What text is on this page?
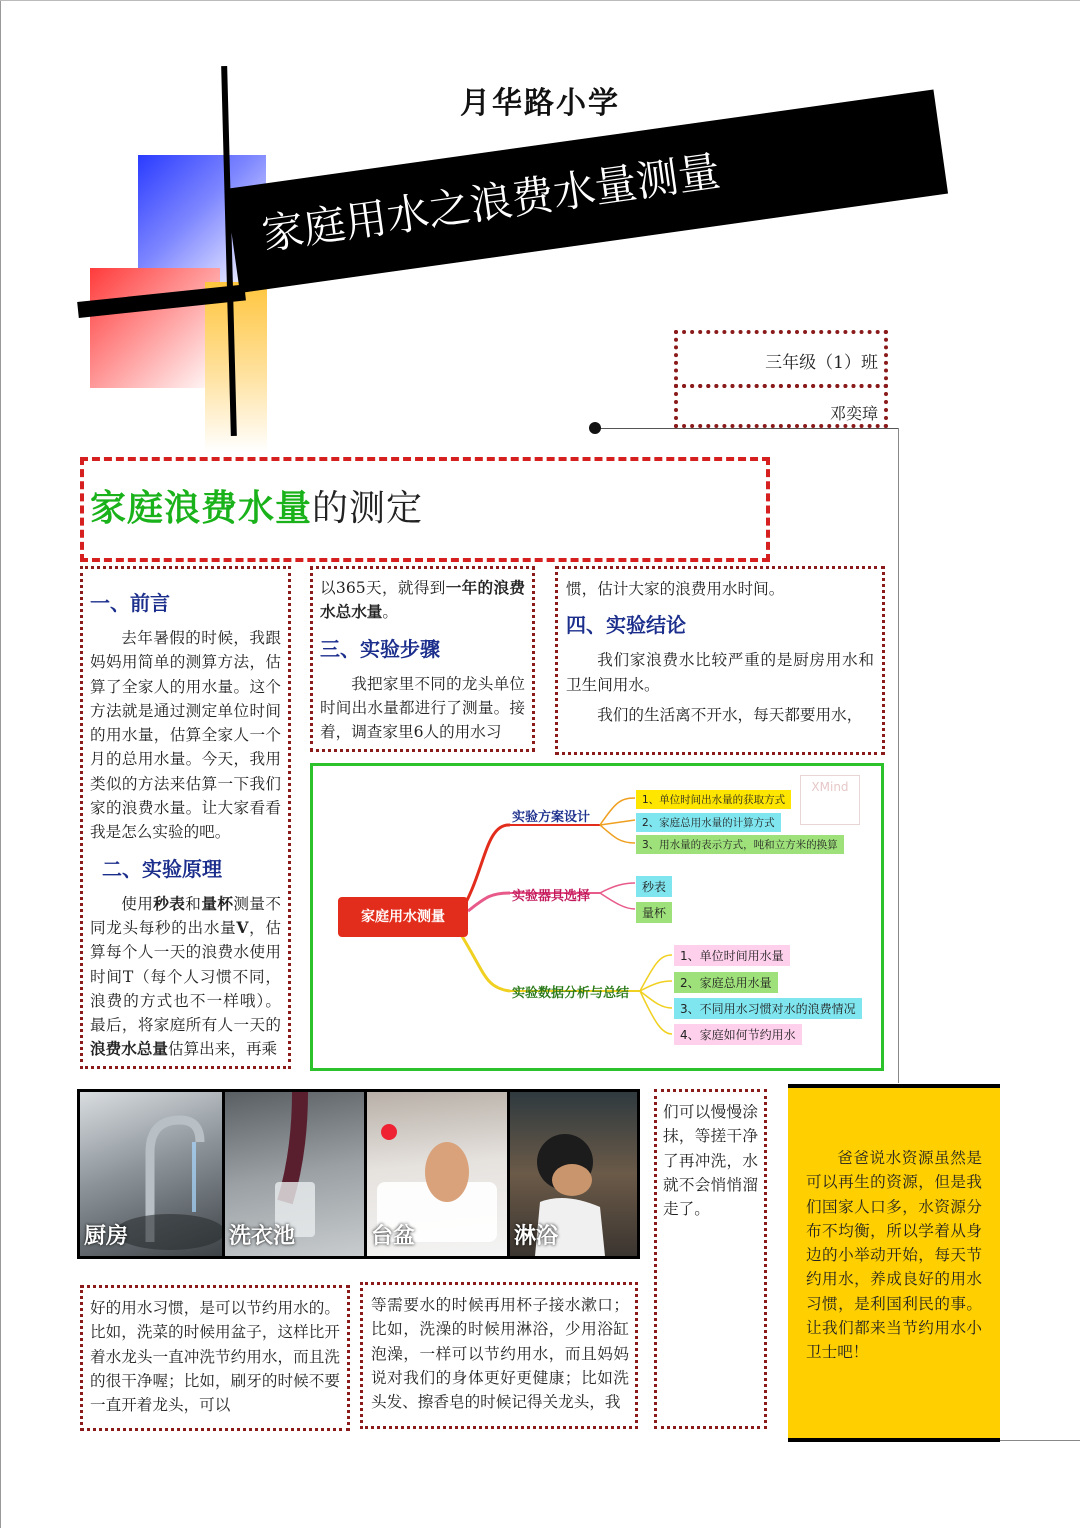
月华路小学
家庭用水之浪费水量测量
三年级（1）班
邓奕璋
家庭浪费水量的测定
一、前言

去年暑假的时候，我跟妈妈用简单的测算方法，估算了全家人的用水量。这个方法就是通过测定单位时间的用水量，估算全家人一个月的总用水量。今天，我用类似的方法来估算一下我们家的浪费水量。让大家看看我是怎么实验的吧。

二、实验原理

使用秒表和量杯测量不同龙头每秒的出水量V，估算每个人一天的浪费水使用时间T（每个人习惯不同，浪费的方式也不一样哦）。最后，将家庭所有人一天的浪费水总量估算出来，再乘

以365天，就得到一年的浪费水总水量。

三、实验步骤

我把家里不同的龙头单位时间出水量都进行了测量。接着，调查家里6人的用水习

惯，估计大家的浪费用水时间。

四、实验结论

我们家浪费水比较严重的是厨房用水和卫生间用水。

我们的生活离不开水，每天都要用水，

XMind
家庭用水测量
实验方案设计
1、单位时间出水量的获取方式
2、家庭总用水量的计算方式
3、用水量的表示方式，吨和立方米的换算
实验器具选择
秒表
量杯
实验数据分析与总结
1、单位时间用水量
2、家庭总用水量
3、不同用水习惯对水的浪费情况
4、家庭如何节约用水
厨房	洗衣池	台盆	淋浴

们可以慢慢涂抹，等搓干净了再冲洗，水就不会悄悄溜走了。

好的用水习惯，是可以节约用水的。比如，洗菜的时候用盆子，这样比开着水龙头一直冲洗节约用水，而且洗的很干净喔；比如，刷牙的时候不要一直开着龙头，可以

等需要水的时候再用杯子接水漱口；比如，洗澡的时候用淋浴，少用浴缸泡澡，一样可以节约用水，而且妈妈说对我们的身体更好更健康；比如洗头发、擦香皂的时候记得关龙头，我

爸爸说水资源虽然是可以再生的资源，但是我们国家人口多，水资源分布不均衡，所以学着从身边的小举动开始，每天节约用水，养成良好的用水习惯，是利国利民的事。让我们都来当节约用水小卫士吧！
